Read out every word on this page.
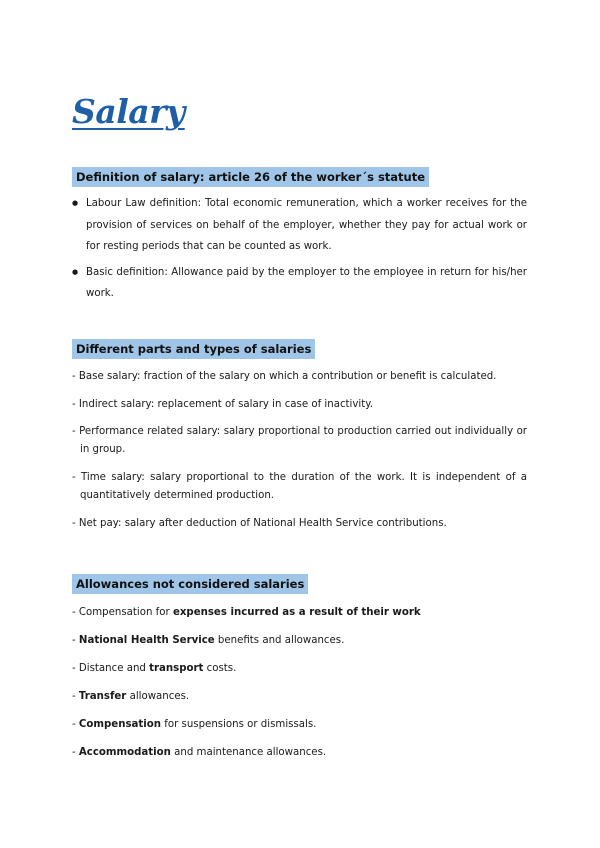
Salary
Definition of salary: article 26 of the worker´s statute
● Labour Law definition: Total economic remuneration, which a worker receives for the provision of services on behalf of the employer, whether they pay for actual work or for resting periods that can be counted as work.
● Basic definition: Allowance paid by the employer to the employee in return for his/her work.
Different parts and types of salaries

- Base salary: fraction of the salary on which a contribution or benefit is calculated.

- Indirect salary: replacement of salary in case of inactivity.

- Performance related salary: salary proportional to production carried out individually or in group.

- Time salary: salary proportional to the duration of the work. It is independent of a quantitatively determined production.

- Net pay: salary after deduction of National Health Service contributions.

Allowances not considered salaries

- Compensation for expenses incurred as a result of their work

- National Health Service benefits and allowances.

- Distance and transport costs.

- Transfer allowances.

- Compensation for suspensions or dismissals.

- Accommodation and maintenance allowances.
